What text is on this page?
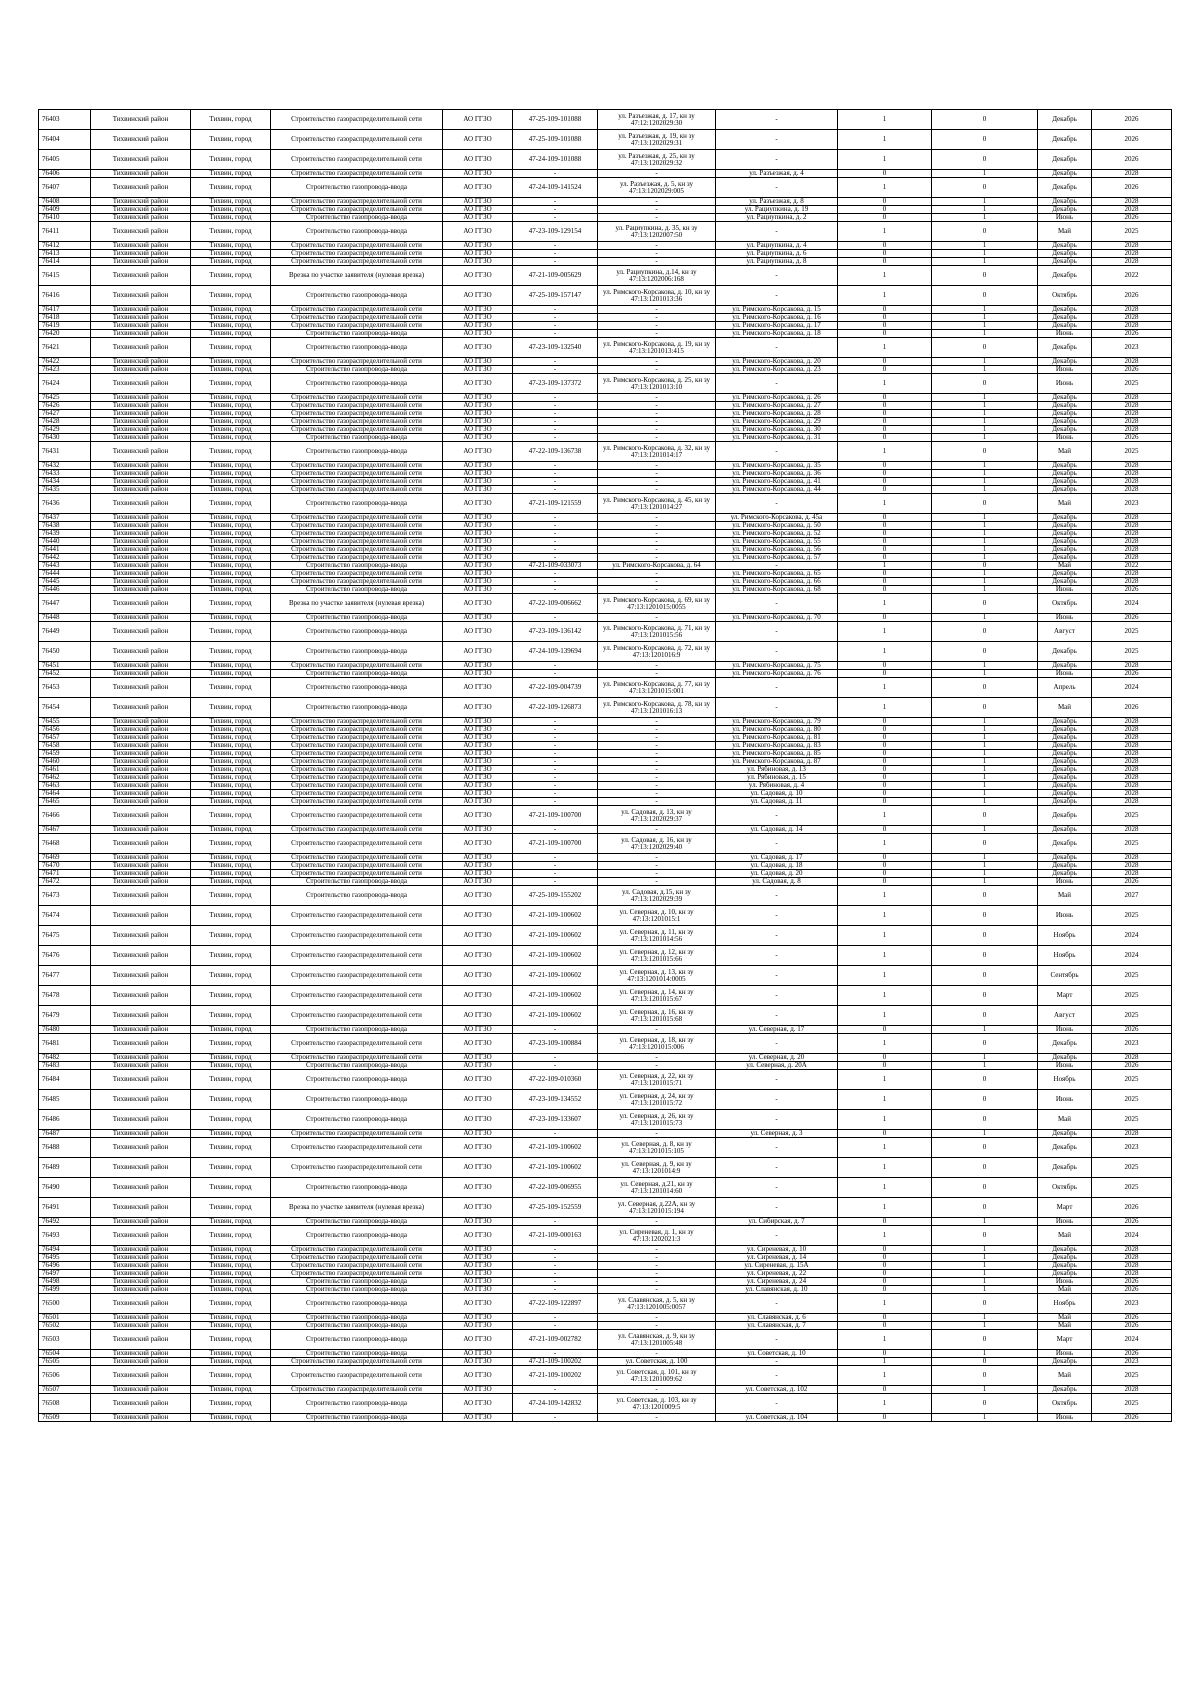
76403	Тихвинский район	Тихвин, город	Строительство газораспределительной сети	АО ГГЗО	47-25-109-101088	ул. Разъезжая, д. 17, кн зу
47:12:1202029:30	-	1	0	Декабрь	2026
76404	Тихвинский район	Тихвин, город	Строительство газораспределительной сети	АО ГГЗО	47-25-109-101088	ул. Разъезжая, д. 19, кн зу
47:13:1202029:31	-	1	0	Декабрь	2026
76405	Тихвинский район	Тихвин, город	Строительство газораспределительной сети	АО ГГЗО	47-24-109-101088	ул. Разъезжая, д. 25, кн зу
47:13:1202029:32	-	1	0	Декабрь	2026
76406	Тихвинский район	Тихвин, город	Строительство газораспределительной сети	АО ГГЗО	-	-	ул. Разъезжая, д. 4	0	1	Декабрь	2028
76407	Тихвинский район	Тихвин, город	Строительство газопровода-ввода	АО ГГЗО	47-24-109-141524	ул. Разъезжая, д. 5, кн зу
47:13:1202029:005	-	1	0	Декабрь	2026
76408	Тихвинский район	Тихвин, город	Строительство газораспределительной сети	АО ГГЗО	-	-	ул. Разъезжая, д. 8	0	1	Декабрь	2028
76409	Тихвинский район	Тихвин, город	Строительство газораспределительной сети	АО ГГЗО	-	-	ул. Рациупкина, д. 19	0	1	Декабрь	2028
76410	Тихвинский район	Тихвин, город	Строительство газопровода-ввода	АО ГГЗО	-	-	ул. Рациупкина, д. 2	0	1	Июнь	2026
76411	Тихвинский район	Тихвин, город	Строительство газопровода-ввода	АО ГГЗО	47-23-109-129154	ул. Рациупкина, д. 35, кн зу
47:13:1202007:50	-	1	0	Май	2025
76412	Тихвинский район	Тихвин, город	Строительство газораспределительной сети	АО ГГЗО	-	-	ул. Рациупкина, д. 4	0	1	Декабрь	2028
76413	Тихвинский район	Тихвин, город	Строительство газораспределительной сети	АО ГГЗО	-	-	ул. Рациупкина, д. 6	0	1	Декабрь	2028
76414	Тихвинский район	Тихвин, город	Строительство газораспределительной сети	АО ГГЗО	-	-	ул. Рациупкина, д. 8	0	1	Декабрь	2028
76415	Тихвинский район	Тихвин, город	Врезка по участке заявителя (нулевая врезка)	АО ГГЗО	47-21-109-005629	ул. Рациупкина, д.14, кн зу
47:13:1202006:168	-	1	0	Декабрь	2022
76416	Тихвинский район	Тихвин, город	Строительство газопровода-ввода	АО ГГЗО	47-25-109-157147	ул. Римского-Корсакова, д. 10, кн зу
47:13:1201013:36	-	1	0	Октябрь	2026
76417	Тихвинский район	Тихвин, город	Строительство газораспределительной сети	АО ГГЗО	-	-	ул. Римского-Корсакова, д. 15	0	1	Декабрь	2028
76418	Тихвинский район	Тихвин, город	Строительство газораспределительной сети	АО ГГЗО	-	-	ул. Римского-Корсакова, д. 16	0	1	Декабрь	2028
76419	Тихвинский район	Тихвин, город	Строительство газораспределительной сети	АО ГГЗО	-	-	ул. Римского-Корсакова, д. 17	0	1	Декабрь	2028
76420	Тихвинский район	Тихвин, город	Строительство газопровода-ввода	АО ГГЗО	-	-	ул. Римского-Корсакова, д. 18	0	1	Июнь	2026
76421	Тихвинский район	Тихвин, город	Строительство газопровода-ввода	АО ГГЗО	47-23-109-132540	ул. Римского-Корсакова, д. 19, кн зу
47:13:1201013:415	-	1	0	Декабрь	2023
76422	Тихвинский район	Тихвин, город	Строительство газораспределительной сети	АО ГГЗО	-	-	ул. Римского-Корсакова, д. 20	0	1	Декабрь	2028
76423	Тихвинский район	Тихвин, город	Строительство газопровода-ввода	АО ГГЗО	-	-	ул. Римского-Корсакова, д. 23	0	1	Июнь	2026
76424	Тихвинский район	Тихвин, город	Строительство газопровода-ввода	АО ГГЗО	47-23-109-137372	ул. Римского-Корсакова, д. 25, кн зу
47:13:1201013:10	-	1	0	Июнь	2025
76425	Тихвинский район	Тихвин, город	Строительство газораспределительной сети	АО ГГЗО	-	-	ул. Римского-Корсакова, д. 26	0	1	Декабрь	2028
76426	Тихвинский район	Тихвин, город	Строительство газораспределительной сети	АО ГГЗО	-	-	ул. Римского-Корсакова, д. 27	0	1	Декабрь	2028
76427	Тихвинский район	Тихвин, город	Строительство газораспределительной сети	АО ГГЗО	-	-	ул. Римского-Корсакова, д. 28	0	1	Декабрь	2028
76428	Тихвинский район	Тихвин, город	Строительство газораспределительной сети	АО ГГЗО	-	-	ул. Римского-Корсакова, д. 29	0	1	Декабрь	2028
76429	Тихвинский район	Тихвин, город	Строительство газораспределительной сети	АО ГГЗО	-	-	ул. Римского-Корсакова, д. 30	0	1	Декабрь	2028
76430	Тихвинский район	Тихвин, город	Строительство газопровода-ввода	АО ГГЗО	-	-	ул. Римского-Корсакова, д. 31	0	1	Июнь	2026
76431	Тихвинский район	Тихвин, город	Строительство газопровода-ввода	АО ГГЗО	47-22-109-136738	ул. Римского-Корсакова, д. 32, кн зу
47:13:1201014:17	-	1	0	Май	2025
76432	Тихвинский район	Тихвин, город	Строительство газораспределительной сети	АО ГГЗО	-	-	ул. Римского-Корсакова, д. 35	0	1	Декабрь	2028
76433	Тихвинский район	Тихвин, город	Строительство газораспределительной сети	АО ГГЗО	-	-	ул. Римского-Корсакова, д. 36	0	1	Декабрь	2028
76434	Тихвинский район	Тихвин, город	Строительство газораспределительной сети	АО ГГЗО	-	-	ул. Римского-Корсакова, д. 41	0	1	Декабрь	2028
76435	Тихвинский район	Тихвин, город	Строительство газораспределительной сети	АО ГГЗО	-	-	ул. Римского-Корсакова, д. 44	0	1	Декабрь	2028
76436	Тихвинский район	Тихвин, город	Строительство газопровода-ввода	АО ГГЗО	47-21-109-121559	ул. Римского-Корсакова, д. 45, кн зу
47:13:1201014:27	-	1	0	Май	2023
76437	Тихвинский район	Тихвин, город	Строительство газораспределительной сети	АО ГГЗО	-	-	ул. Римского-Корсакова, д. 45а	0	1	Декабрь	2028
76438	Тихвинский район	Тихвин, город	Строительство газораспределительной сети	АО ГГЗО	-	-	ул. Римского-Корсакова, д. 50	0	1	Декабрь	2028
76439	Тихвинский район	Тихвин, город	Строительство газораспределительной сети	АО ГГЗО	-	-	ул. Римского-Корсакова, д. 52	0	1	Декабрь	2028
76440	Тихвинский район	Тихвин, город	Строительство газораспределительной сети	АО ГГЗО	-	-	ул. Римского-Корсакова, д. 55	0	1	Декабрь	2028
76441	Тихвинский район	Тихвин, город	Строительство газораспределительной сети	АО ГГЗО	-	-	ул. Римского-Корсакова, д. 56	0	1	Декабрь	2028
76442	Тихвинский район	Тихвин, город	Строительство газораспределительной сети	АО ГГЗО	-	-	ул. Римского-Корсакова, д. 57	0	1	Декабрь	2028
76443	Тихвинский район	Тихвин, город	Строительство газопровода-ввода	АО ГГЗО	47-21-109-033073	ул. Римского-Корсакова, д. 64	-	1	0	Май	2022
76444	Тихвинский район	Тихвин, город	Строительство газораспределительной сети	АО ГГЗО	-	-	ул. Римского-Корсакова, д. 65	0	1	Декабрь	2028
76445	Тихвинский район	Тихвин, город	Строительство газораспределительной сети	АО ГГЗО	-	-	ул. Римского-Корсакова, д. 66	0	1	Декабрь	2028
76446	Тихвинский район	Тихвин, город	Строительство газопровода-ввода	АО ГГЗО	-	-	ул. Римского-Корсакова, д. 68	0	1	Июнь	2026
76447	Тихвинский район	Тихвин, город	Врезка по участке заявителя (нулевая врезка)	АО ГГЗО	47-22-109-006662	ул. Римского-Корсакова, д. 69, кн зу
47:13:1201015:0055	-	1	0	Октябрь	2024
76448	Тихвинский район	Тихвин, город	Строительство газопровода-ввода	АО ГГЗО	-	-	ул. Римского-Корсакова, д. 70	0	1	Июнь	2026
76449	Тихвинский район	Тихвин, город	Строительство газопровода-ввода	АО ГГЗО	47-23-109-136142	ул. Римского-Корсакова, д. 71, кн зу
47:13:1201015:56	-	1	0	Август	2025
76450	Тихвинский район	Тихвин, город	Строительство газопровода-ввода	АО ГГЗО	47-24-109-139694	ул. Римского-Корсакова, д. 72, кн зу
47:13:1201016:9	-	1	0	Декабрь	2025
76451	Тихвинский район	Тихвин, город	Строительство газораспределительной сети	АО ГГЗО	-	-	ул. Римского-Корсакова, д. 75	0	1	Декабрь	2028
76452	Тихвинский район	Тихвин, город	Строительство газопровода-ввода	АО ГГЗО	-	-	ул. Римского-Корсакова, д. 76	0	1	Июнь	2026
76453	Тихвинский район	Тихвин, город	Строительство газопровода-ввода	АО ГГЗО	47-22-109-004739	ул. Римского-Корсакова, д. 77, кн зу
47:13:1201015:001	-	1	0	Апрель	2024
76454	Тихвинский район	Тихвин, город	Строительство газопровода-ввода	АО ГГЗО	47-22-109-126873	ул. Римского-Корсакова, д. 78, кн зу
47:13:1201016:13	-	1	0	Май	2026
76455	Тихвинский район	Тихвин, город	Строительство газораспределительной сети	АО ГГЗО	-	-	ул. Римского-Корсакова, д. 79	0	1	Декабрь	2028
76456	Тихвинский район	Тихвин, город	Строительство газораспределительной сети	АО ГГЗО	-	-	ул. Римского-Корсакова, д. 80	0	1	Декабрь	2028
76457	Тихвинский район	Тихвин, город	Строительство газораспределительной сети	АО ГГЗО	-	-	ул. Римского-Корсакова, д. 81	0	1	Декабрь	2028
76458	Тихвинский район	Тихвин, город	Строительство газораспределительной сети	АО ГГЗО	-	-	ул. Римского-Корсакова, д. 83	0	1	Декабрь	2028
76459	Тихвинский район	Тихвин, город	Строительство газораспределительной сети	АО ГГЗО	-	-	ул. Римского-Корсакова, д. 85	0	1	Декабрь	2028
76460	Тихвинский район	Тихвин, город	Строительство газораспределительной сети	АО ГГЗО	-	-	ул. Римского-Корсакова, д. 87	0	1	Декабрь	2028
76461	Тихвинский район	Тихвин, город	Строительство газораспределительной сети	АО ГГЗО	-	-	ул. Рябиновая, д. 13	0	1	Декабрь	2028
76462	Тихвинский район	Тихвин, город	Строительство газораспределительной сети	АО ГГЗО	-	-	ул. Рябиновая, д. 15	0	1	Декабрь	2028
76463	Тихвинский район	Тихвин, город	Строительство газораспределительной сети	АО ГГЗО	-	-	ул. Рябиновая, д. 4	0	1	Декабрь	2028
76464	Тихвинский район	Тихвин, город	Строительство газораспределительной сети	АО ГГЗО	-	-	ул. Садовая, д. 10	0	1	Декабрь	2028
76465	Тихвинский район	Тихвин, город	Строительство газораспределительной сети	АО ГГЗО	-	-	ул. Садовая, д. 11	0	1	Декабрь	2028
76466	Тихвинский район	Тихвин, город	Строительство газораспределительной сети	АО ГГЗО	47-21-109-100700	ул. Садовая, д. 13, кн зу
47:13:1202029:37	-	1	0	Декабрь	2025
76467	Тихвинский район	Тихвин, город	Строительство газораспределительной сети	АО ГГЗО	-	-	ул. Садовая, д. 14	0	1	Декабрь	2028
76468	Тихвинский район	Тихвин, город	Строительство газораспределительной сети	АО ГГЗО	47-21-109-100700	ул. Садовая, д. 16, кн зу
47:13:1202029:40	-	1	0	Декабрь	2025
76469	Тихвинский район	Тихвин, город	Строительство газораспределительной сети	АО ГГЗО	-	-	ул. Садовая, д. 17	0	1	Декабрь	2028
76470	Тихвинский район	Тихвин, город	Строительство газораспределительной сети	АО ГГЗО	-	-	ул. Садовая, д. 18	0	1	Декабрь	2028
76471	Тихвинский район	Тихвин, город	Строительство газораспределительной сети	АО ГГЗО	-	-	ул. Садовая, д. 20	0	1	Декабрь	2028
76472	Тихвинский район	Тихвин, город	Строительство газопровода-ввода	АО ГГЗО	-	-	ул. Садовая, д. 8	0	1	Июнь	2026
76473	Тихвинский район	Тихвин, город	Строительство газопровода-ввода	АО ГГЗО	47-25-109-155202	ул. Садовая, д.15, кн зу
47:13:1202029:39	-	1	0	Май	2027
76474	Тихвинский район	Тихвин, город	Строительство газораспределительной сети	АО ГГЗО	47-21-109-100602	ул. Северная, д. 10, кн зу
47:13:1201015:1	-	1	0	Июнь	2025
76475	Тихвинский район	Тихвин, город	Строительство газораспределительной сети	АО ГГЗО	47-21-109-100602	ул. Северная, д. 11, кн зу
47:13:1201014:56	-	1	0	Ноябрь	2024
76476	Тихвинский район	Тихвин, город	Строительство газораспределительной сети	АО ГГЗО	47-21-109-100602	ул. Северная, д. 12, кн зу
47:13:1201015:66	-	1	0	Ноябрь	2024
76477	Тихвинский район	Тихвин, город	Строительство газораспределительной сети	АО ГГЗО	47-21-109-100602	ул. Северная, д. 13, кн зу
47:13:1201014:0005	-	1	0	Сентябрь	2025
76478	Тихвинский район	Тихвин, город	Строительство газораспределительной сети	АО ГГЗО	47-21-109-100602	ул. Северная, д. 14, кн зу
47:13:1201015:67	-	1	0	Март	2025
76479	Тихвинский район	Тихвин, город	Строительство газораспределительной сети	АО ГГЗО	47-21-109-100602	ул. Северная, д. 16, кн зу
47:13:1201015:68	-	1	0	Август	2025
76480	Тихвинский район	Тихвин, город	Строительство газопровода-ввода	АО ГГЗО	-	-	ул. Северная, д. 17	0	1	Июнь	2026
76481	Тихвинский район	Тихвин, город	Строительство газораспределительной сети	АО ГГЗО	47-23-109-100884	ул. Северная, д. 18, кн зу
47:13:1201015:006	-	1	0	Декабрь	2023
76482	Тихвинский район	Тихвин, город	Строительство газораспределительной сети	АО ГГЗО	-	-	ул. Северная, д. 20	0	1	Декабрь	2028
76483	Тихвинский район	Тихвин, город	Строительство газопровода-ввода	АО ГГЗО	-	-	ул. Северная, д. 20А	0	1	Июнь	2026
76484	Тихвинский район	Тихвин, город	Строительство газопровода-ввода	АО ГГЗО	47-22-109-010360	ул. Северная, д. 22, кн зу
47:13:1201015:71	-	1	0	Ноябрь	2025
76485	Тихвинский район	Тихвин, город	Строительство газопровода-ввода	АО ГГЗО	47-23-109-134552	ул. Северная, д. 24, кн зу
47:13:1201015:72	-	1	0	Июнь	2025
76486	Тихвинский район	Тихвин, город	Строительство газопровода-ввода	АО ГГЗО	47-23-109-133607	ул. Северная, д. 26, кн зу
47:13:1201015:73	-	1	0	Май	2025
76487	Тихвинский район	Тихвин, город	Строительство газораспределительной сети	АО ГГЗО	-	-	ул. Северная, д. 3	0	1	Декабрь	2028
76488	Тихвинский район	Тихвин, город	Строительство газораспределительной сети	АО ГГЗО	47-21-109-100602	ул. Северная, д. 8, кн зу
47:13:1201015:105	-	1	0	Декабрь	2023
76489	Тихвинский район	Тихвин, город	Строительство газораспределительной сети	АО ГГЗО	47-21-109-100602	ул. Северная, д. 9, кн зу
47:13:1201014:9	-	1	0	Декабрь	2025
76490	Тихвинский район	Тихвин, город	Строительство газопровода-ввода	АО ГГЗО	47-22-109-006955	ул. Северная, д.21, кн зу
47:13:1201014:60	-	1	0	Октябрь	2025
76491	Тихвинский район	Тихвин, город	Врезка по участке заявителя (нулевая врезка)	АО ГГЗО	47-25-109-152559	ул. Северная, д.22А, кн зу
47:13:1201015:194	-	1	0	Март	2026
76492	Тихвинский район	Тихвин, город	Строительство газопровода-ввода	АО ГГЗО	-	-	ул. Сибирская, д. 7	0	1	Июнь	2026
76493	Тихвинский район	Тихвин, город	Строительство газопровода-ввода	АО ГГЗО	47-21-109-000163	ул. Сиреневая, д. 1, кн зу
47:13:1202021:3	-	1	0	Май	2024
76494	Тихвинский район	Тихвин, город	Строительство газораспределительной сети	АО ГГЗО	-	-	ул. Сиреневая, д. 10	0	1	Декабрь	2028
76495	Тихвинский район	Тихвин, город	Строительство газораспределительной сети	АО ГГЗО	-	-	ул. Сиреневая, д. 14	0	1	Декабрь	2028
76496	Тихвинский район	Тихвин, город	Строительство газораспределительной сети	АО ГГЗО	-	-	ул. Сиреневая, д. 15А	0	1	Декабрь	2028
76497	Тихвинский район	Тихвин, город	Строительство газораспределительной сети	АО ГГЗО	-	-	ул. Сиреневая, д. 22	0	1	Декабрь	2028
76498	Тихвинский район	Тихвин, город	Строительство газопровода-ввода	АО ГГЗО	-	-	ул. Сиреневая, д. 24	0	1	Июнь	2026
76499	Тихвинский район	Тихвин, город	Строительство газопровода-ввода	АО ГГЗО	-	-	ул. Славянская, д. 10	0	1	Май	2026
76500	Тихвинский район	Тихвин, город	Строительство газопровода-ввода	АО ГГЗО	47-22-109-122897	ул. Славянская, д. 5, кн зу
47:13:1201005:0057	-	1	0	Ноябрь	2023
76501	Тихвинский район	Тихвин, город	Строительство газопровода-ввода	АО ГГЗО	-	-	ул. Славянская, д. 6	0	1	Май	2026
76502	Тихвинский район	Тихвин, город	Строительство газопровода-ввода	АО ГГЗО	-	-	ул. Славянская, д. 7	0	1	Май	2026
76503	Тихвинский район	Тихвин, город	Строительство газопровода-ввода	АО ГГЗО	47-21-109-002782	ул. Славянская, д. 9, кн зу
47:13:1201005:48	-	1	0	Март	2024
76504	Тихвинский район	Тихвин, город	Строительство газопровода-ввода	АО ГГЗО	-	-	ул. Советская, д. 10	0	1	Июнь	2026
76505	Тихвинский район	Тихвин, город	Строительство газораспределительной сети	АО ГГЗО	47-21-109-100202	ул. Советская, д. 100	-	1	0	Декабрь	2023
76506	Тихвинский район	Тихвин, город	Строительство газораспределительной сети	АО ГГЗО	47-21-109-100202	ул. Советская, д. 101, кн зу
47:13:1201009:62	-	1	0	Май	2025
76507	Тихвинский район	Тихвин, город	Строительство газораспределительной сети	АО ГГЗО	-	-	ул. Советская, д. 102	0	1	Декабрь	2028
76508	Тихвинский район	Тихвин, город	Строительство газопровода-ввода	АО ГГЗО	47-24-109-142832	ул. Советская, д. 103, кн зу
47:13:1201009:5	-	1	0	Октябрь	2025
76509	Тихвинский район	Тихвин, город	Строительство газопровода-ввода	АО ГГЗО	-	-	ул. Советская, д. 104	0	1	Июнь	2026
